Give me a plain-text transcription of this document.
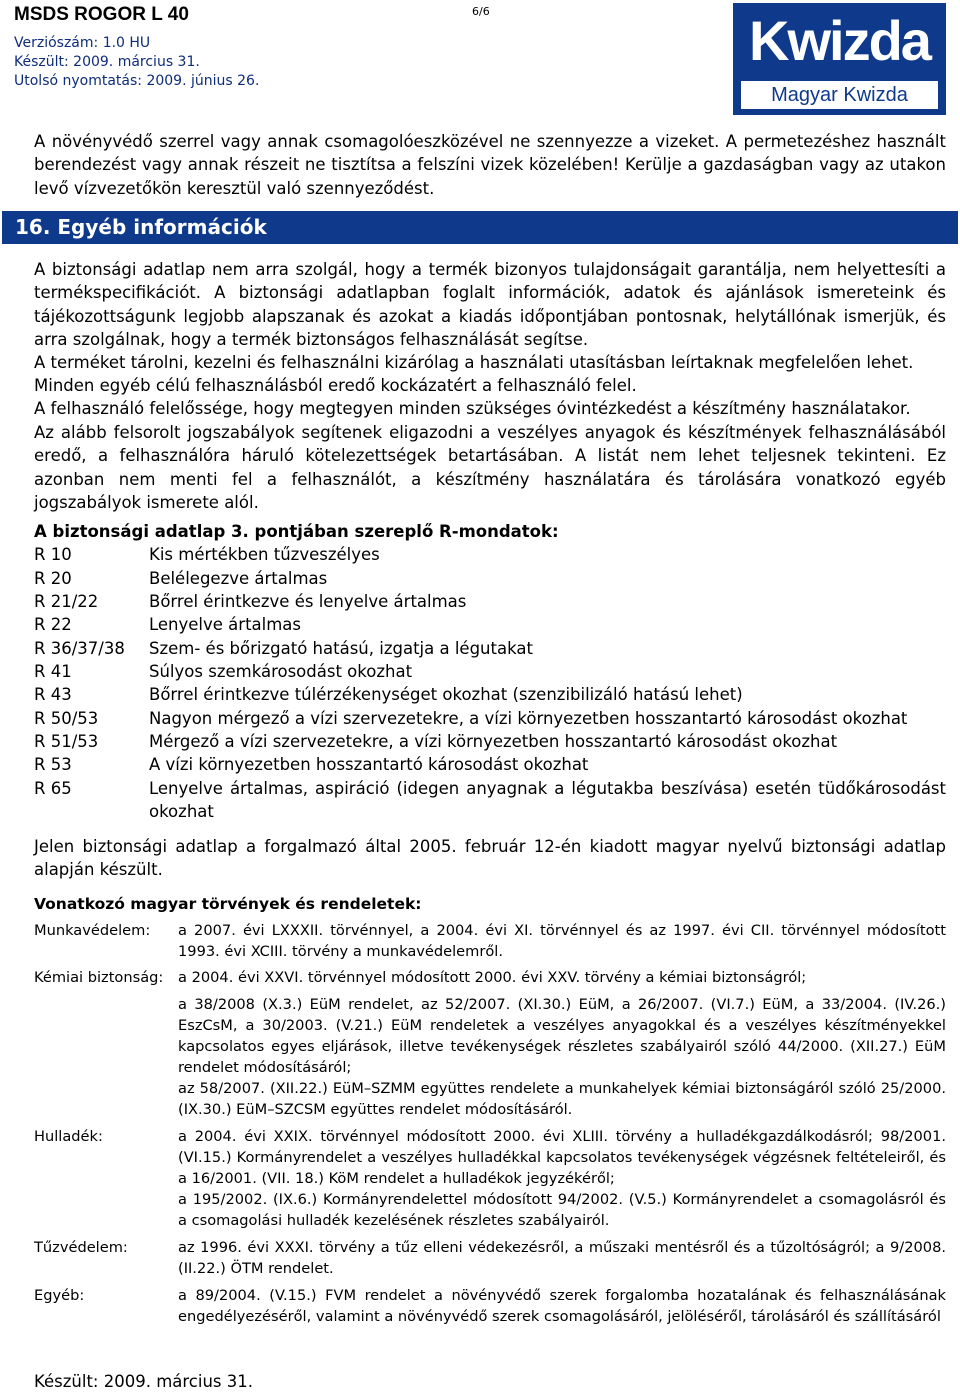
MSDS ROGOR L 40	6/6
Verziószám: 1.0 HU
Készült: 2009. március 31.
Utolsó nyomtatás: 2009. június 26.
Kwizda
Magyar Kwizda
A növényvédő szerrel vagy annak csomagolóeszközével ne szennyezze a vizeket. A permetezéshez használt berendezést vagy annak részeit ne tisztítsa a felszíni vizek közelében! Kerülje a gazdaságban vagy az utakon levő vízvezetőkön keresztül való szennyeződést.
16. Egyéb információk
A biztonsági adatlap nem arra szolgál, hogy a termék bizonyos tulajdonságait garantálja, nem helyettesíti a termékspecifikációt. A biztonsági adatlapban foglalt információk, adatok és ajánlások ismereteink és tájékozottságunk legjobb alapszanak és azokat a kiadás időpontjában pontosnak, helytállónak ismerjük, és arra szolgálnak, hogy a termék biztonságos felhasználását segítse.
A terméket tárolni, kezelni és felhasználni kizárólag a használati utasításban leírtaknak megfelelően lehet.
Minden egyéb célú felhasználásból eredő kockázatért a felhasználó felel.
A felhasználó felelőssége, hogy megtegyen minden szükséges óvintézkedést a készítmény használatakor.
Az alább felsorolt jogszabályok segítenek eligazodni a veszélyes anyagok és készítmények felhasználásából eredő, a felhasználóra háruló kötelezettségek betartásában. A listát nem lehet teljesnek tekinteni. Ez azonban nem menti fel a felhasználót, a készítmény használatára és tárolására vonatkozó egyéb jogszabályok ismerete alól.
A biztonsági adatlap 3. pontjában szereplő R-mondatok:
R 10	Kis mértékben tűzveszélyes
R 20	Belélegezve ártalmas
R 21/22	Bőrrel érintkezve és lenyelve ártalmas
R 22	Lenyelve ártalmas
R 36/37/38	Szem- és bőrizgató hatású, izgatja a légutakat
R 41	Súlyos szemkárosodást okozhat
R 43	Bőrrel érintkezve túlérzékenységet okozhat (szenzibilizáló hatású lehet)
R 50/53	Nagyon mérgező a vízi szervezetekre, a vízi környezetben hosszantartó károsodást okozhat
R 51/53	Mérgező a vízi szervezetekre, a vízi környezetben hosszantartó károsodást okozhat
R 53	A vízi környezetben hosszantartó károsodást okozhat
R 65	Lenyelve ártalmas, aspiráció (idegen anyagnak a légutakba beszívása) esetén tüdőkárosodást okozhat
Jelen biztonsági adatlap a forgalmazó által 2005. február 12-én kiadott magyar nyelvű biztonsági adatlap alapján készült.
Vonatkozó magyar törvények és rendeletek:
Munkavédelem:	a 2007. évi LXXXII. törvénnyel, a 2004. évi XI. törvénnyel és az 1997. évi CII. törvénnyel módosított 1993. évi XCIII. törvény a munkavédelemről.
Kémiai biztonság:	a 2004. évi XXVI. törvénnyel módosított 2000. évi XXV. törvény a kémiai biztonságról;
a 38/2008 (X.3.) EüM rendelet, az 52/2007. (XI.30.) EüM, a 26/2007. (VI.7.) EüM, a 33/2004. (IV.26.) EszCsM, a 30/2003. (V.21.) EüM rendeletek a veszélyes anyagokkal és a veszélyes készítményekkel kapcsolatos egyes eljárások, illetve tevékenységek részletes szabályairól szóló 44/2000. (XII.27.) EüM rendelet módosításáról;
az 58/2007. (XII.22.) EüM–SZMM együttes rendelete a munkahelyek kémiai biztonságáról szóló 25/2000. (IX.30.) EüM–SZCSM együttes rendelet módosításáról.
Hulladék:	a 2004. évi XXIX. törvénnyel módosított 2000. évi XLIII. törvény a hulladékgazdálkodásról; 98/2001.(VI.15.) Kormányrendelet a veszélyes hulladékkal kapcsolatos tevékenységek végzésnek feltételeiről, és a 16/2001. (VII. 18.) KöM rendelet a hulladékok jegyzékéről;
a 195/2002. (IX.6.) Kormányrendelettel módosított 94/2002. (V.5.) Kormányrendelet a csomagolásról és a csomagolási hulladék kezelésének részletes szabályairól.
Tűzvédelem:	az 1996. évi XXXI. törvény a tűz elleni védekezésről, a műszaki mentésről és a tűzoltóságról; a 9/2008. (II.22.) ÖTM rendelet.
Egyéb:	a 89/2004. (V.15.) FVM rendelet a növényvédő szerek forgalomba hozatalának és felhasználásának engedélyezéséről, valamint a növényvédő szerek csomagolásáról, jelöléséről, tárolásáról és szállításáról
Készült: 2009. március 31.
